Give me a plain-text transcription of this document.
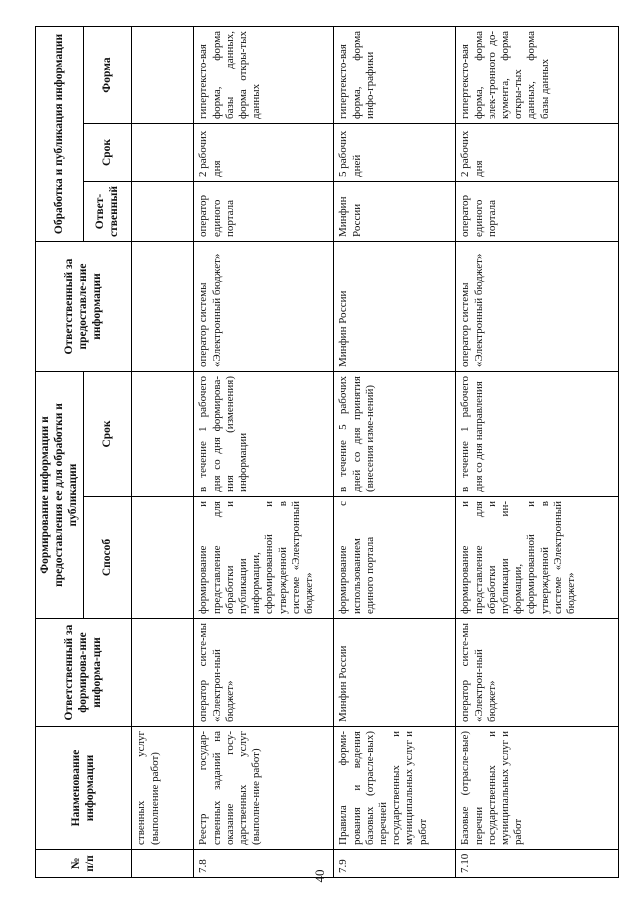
40
№ п/п	Наименование информации	Ответственный за формирова-ние информа-ции	Формирование информации и предоставления ее для обработки и публикации		Ответственный за предоставле-ние информации	Обработка и публикация информации		
			Способ	Срок		Ответ-ственный	Срок	Форма
	ственных услуг (выполнение работ)							
7.8	Реестр государ-ственных заданий на оказание госу-дарственных услуг (выполне-ние работ)	оператор систе-мы «Электрон-ный бюджет»	формирование и представление для обработки и публикации информации, сформированной и утвержденной в системе «Электронный бюджет»	в течение 1 рабочего дня со дня формирова-ния (изменения) информации	оператор системы «Электронный бюджет»	оператор единого портала	2 рабочих дня	гипертексто-вая форма, форма базы данных, форма откры-тых данных
7.9	Правила форми-рования и ведения базовых (отрасле-вых) перечней государственных и муниципальных услуг и работ	Минфин России	формирование с использованием единого портала	в течение 5 рабочих дней со дня принятия (внесения изме-нений)	Минфин России	Минфин России	5 рабочих дней	гипертексто-вая форма, форма инфо-графики
7.10	Базовые (отрасле-вые) перечни государственных и муниципальных услуг и работ	оператор систе-мы «Электрон-ный бюджет»	формирование и представление для обработки и публикации ин-формации, сформированной и утвержденной в системе «Электронный бюджет»	в течение 1 рабочего дня со дня направления	оператор системы «Электронный бюджет»	оператор единого портала	2 рабочих дня	гипертексто-вая форма, форма элек-тронного до-кумента, форма откры-тых данных, форма базы данных
